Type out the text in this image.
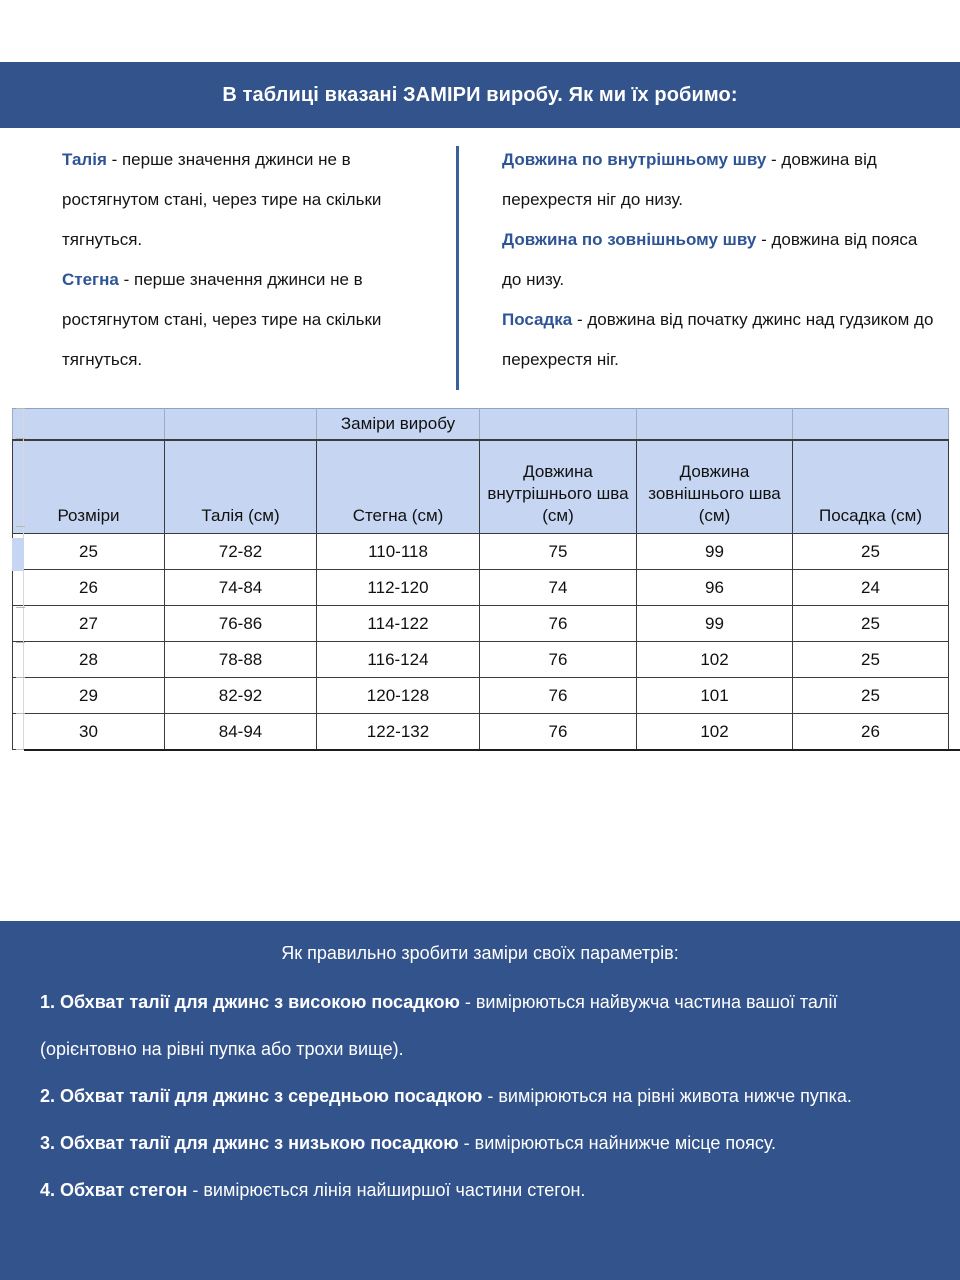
В таблиці вказані ЗАМІРИ виробу. Як ми їх робимо:

Талія - перше значення джинси не в ростягнутом стані, через тире на скільки тягнуться.

Стегна - перше значення джинси не в ростягнутом стані, через тире на скільки тягнуться.

Довжина по внутрішньому шву - довжина від перехрестя ніг до низу.

Довжина по зовнішньому шву - довжина від пояса до низу.

Посадка - довжина від початку джинс над гудзиком до перехрестя ніг.

		Заміри виробу			
Розміри	Талія (см)	Стегна (см)	Довжина внутрішнього шва (см)	Довжина зовнішнього шва (см)	Посадка (см)
25	72-82	110-118	75	99	25
26	74-84	112-120	74	96	24
27	76-86	114-122	76	99	25
28	78-88	116-124	76	102	25
29	82-92	120-128	76	101	25
30	84-94	122-132	76	102	26
Як правильно зробити заміри своїх параметрів:

1. Обхват талії для джинс з високою посадкою - вимірюються найвужча частина вашої талії (орієнтовно на рівні пупка або трохи вище).

2. Обхват талії для джинс з середньою посадкою - вимірюються на рівні живота нижче пупка.

3. Обхват талії для джинс з низькою посадкою - вимірюються найнижче місце поясу.

4. Обхват стегон - вимірюється лінія найширшої частини стегон.
